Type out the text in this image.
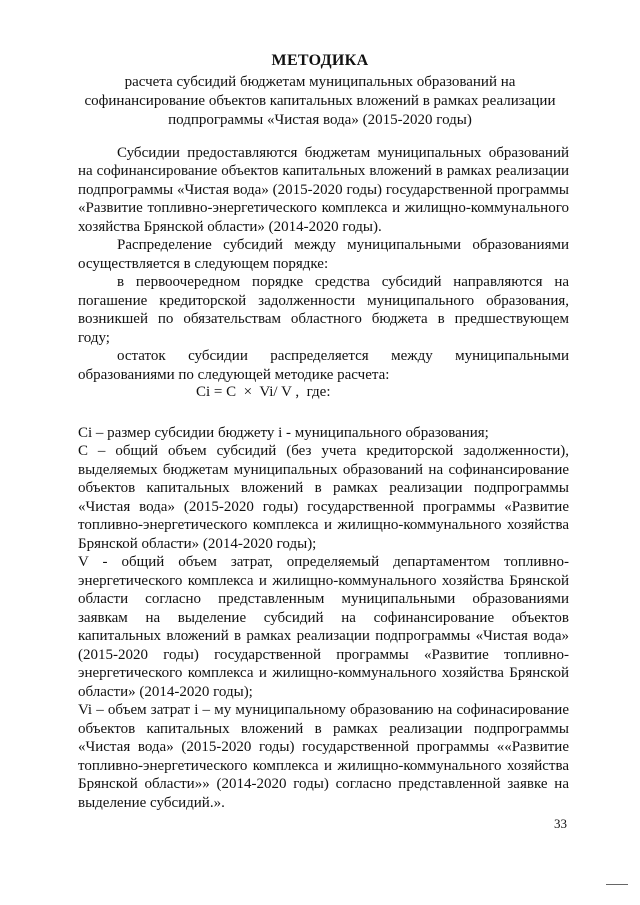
МЕТОДИКА
расчета субсидий бюджетам муниципальных образований на
софинансирование объектов капитальных вложений в рамках реализации
подпрограммы «Чистая вода» (2015-2020 годы)
Субсидии предоставляются бюджетам муниципальных образований
на софинансирование объектов капитальных вложений в рамках реализации
подпрограммы «Чистая вода» (2015-2020 годы) государственной программы
«Развитие топливно-энергетического комплекса и жилищно-коммунального
хозяйства Брянской области» (2014-2020 годы).
Распределение субсидий между муниципальными образованиями
осуществляется в следующем порядке:
в первоочередном порядке средства субсидий направляются на
погашение кредиторской задолженности муниципального образования,
возникшей по обязательствам областного бюджета в предшествующем
году;
остаток субсидии распределяется между муниципальными
образованиями по следующей методике расчета:
Ci – размер субсидии бюджету i - муниципального образования;
C – общий объем субсидий (без учета кредиторской задолженности),
выделяемых бюджетам муниципальных образований на софинансирование
объектов капитальных вложений в рамках реализации подпрограммы
«Чистая вода» (2015-2020 годы) государственной программы «Развитие
топливно-энергетического комплекса и жилищно-коммунального хозяйства
Брянской области» (2014-2020 годы);
V - общий объем затрат, определяемый департаментом топливно-
энергетического комплекса и жилищно-коммунального хозяйства Брянской
области согласно представленным муниципальными образованиями
заявкам на выделение субсидий на софинансирование объектов
капитальных вложений в рамках реализации подпрограммы «Чистая вода»
(2015-2020 годы) государственной программы «Развитие топливно-
энергетического комплекса и жилищно-коммунального хозяйства Брянской
области» (2014-2020 годы);
Vi – объем затрат i – му муниципальному образованию на софинасирование
объектов капитальных вложений в рамках реализации подпрограммы
«Чистая вода» (2015-2020 годы) государственной программы ««Развитие
топливно-энергетического комплекса и жилищно-коммунального хозяйства
Брянской области»» (2014-2020 годы) согласно представленной заявке на
выделение субсидий.».
Ci = C  ×  Vi/ V ,  где:
33
